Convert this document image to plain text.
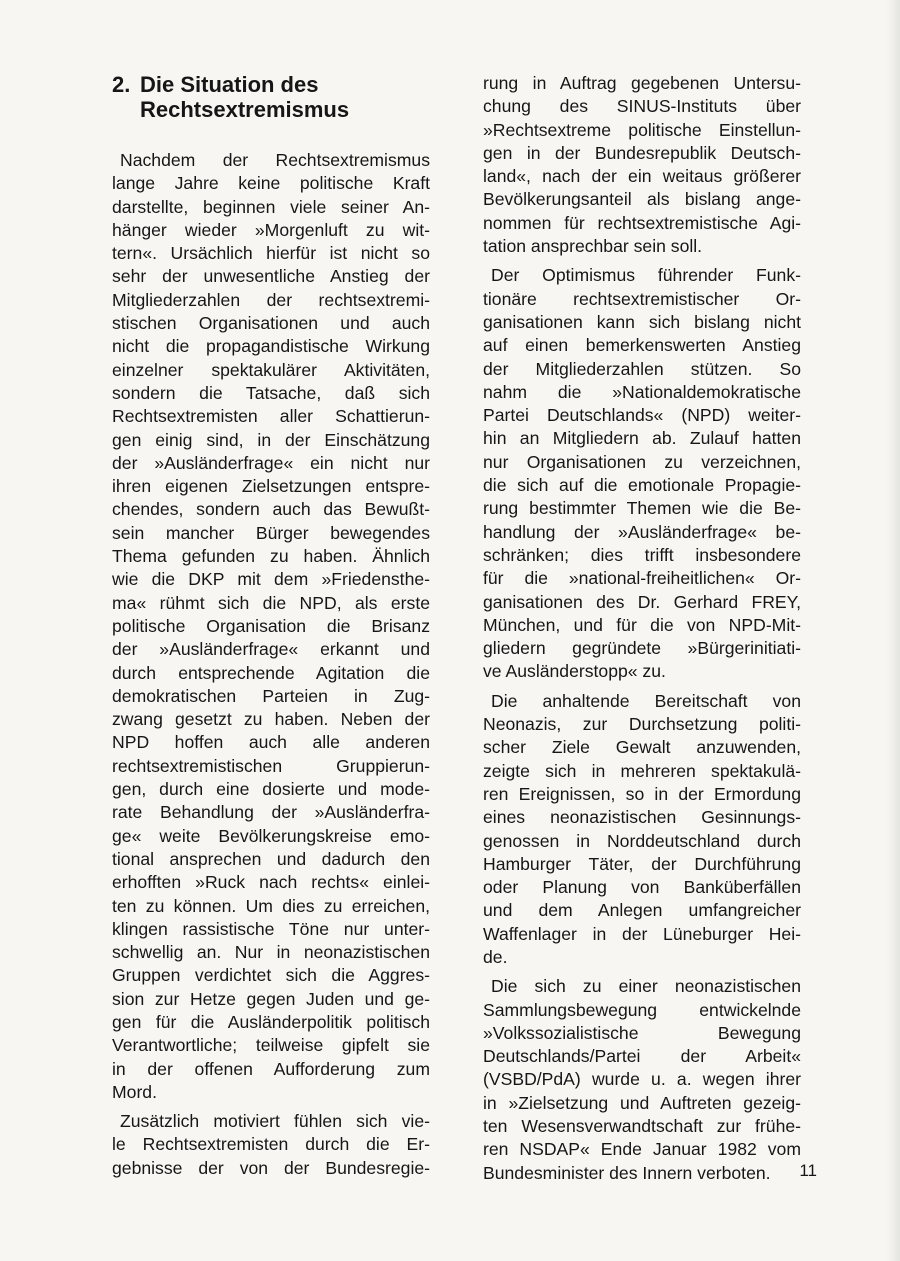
2. Die Situation des
Rechtsextremismus
Nachdem der Rechtsextremismus
lange Jahre keine politische Kraft
darstellte, beginnen viele seiner An-
hänger wieder »Morgenluft zu wit-
tern«. Ursächlich hierfür ist nicht so
sehr der unwesentliche Anstieg der
Mitgliederzahlen der rechtsextremi-
stischen Organisationen und auch
nicht die propagandistische Wirkung
einzelner spektakulärer Aktivitäten,
sondern die Tatsache, daß sich
Rechtsextremisten aller Schattierun-
gen einig sind, in der Einschätzung
der »Ausländerfrage« ein nicht nur
ihren eigenen Zielsetzungen entspre-
chendes, sondern auch das Bewußt-
sein mancher Bürger bewegendes
Thema gefunden zu haben. Ähnlich
wie die DKP mit dem »Friedensthe-
ma« rühmt sich die NPD, als erste
politische Organisation die Brisanz
der »Ausländerfrage« erkannt und
durch entsprechende Agitation die
demokratischen Parteien in Zug-
zwang gesetzt zu haben. Neben der
NPD hoffen auch alle anderen
rechtsextremistischen Gruppierun-
gen, durch eine dosierte und mode-
rate Behandlung der »Ausländerfra-
ge« weite Bevölkerungskreise emo-
tional ansprechen und dadurch den
erhofften »Ruck nach rechts« einlei-
ten zu können. Um dies zu erreichen,
klingen rassistische Töne nur unter-
schwellig an. Nur in neonazistischen
Gruppen verdichtet sich die Aggres-
sion zur Hetze gegen Juden und ge-
gen für die Ausländerpolitik politisch
Verantwortliche; teilweise gipfelt sie
in der offenen Aufforderung zum
Mord.
Zusätzlich motiviert fühlen sich vie-
le Rechtsextremisten durch die Er-
gebnisse der von der Bundesregie-
rung in Auftrag gegebenen Untersu-
chung des SINUS-Instituts über
»Rechtsextreme politische Einstellun-
gen in der Bundesrepublik Deutsch-
land«, nach der ein weitaus größerer
Bevölkerungsanteil als bislang ange-
nommen für rechtsextremistische Agi-
tation ansprechbar sein soll.
Der Optimismus führender Funk-
tionäre rechtsextremistischer Or-
ganisationen kann sich bislang nicht
auf einen bemerkenswerten Anstieg
der Mitgliederzahlen stützen. So
nahm die »Nationaldemokratische
Partei Deutschlands« (NPD) weiter-
hin an Mitgliedern ab. Zulauf hatten
nur Organisationen zu verzeichnen,
die sich auf die emotionale Propagie-
rung bestimmter Themen wie die Be-
handlung der »Ausländerfrage« be-
schränken; dies trifft insbesondere
für die »national-freiheitlichen« Or-
ganisationen des Dr. Gerhard FREY,
München, und für die von NPD-Mit-
gliedern gegründete »Bürgerinitiati-
ve Ausländerstopp« zu.
Die anhaltende Bereitschaft von
Neonazis, zur Durchsetzung politi-
scher Ziele Gewalt anzuwenden,
zeigte sich in mehreren spektakulä-
ren Ereignissen, so in der Ermordung
eines neonazistischen Gesinnungs-
genossen in Norddeutschland durch
Hamburger Täter, der Durchführung
oder Planung von Banküberfällen
und dem Anlegen umfangreicher
Waffenlager in der Lüneburger Hei-
de.
Die sich zu einer neonazistischen
Sammlungsbewegung entwickelnde
»Volkssozialistische Bewegung
Deutschlands/Partei der Arbeit«
(VSBD/PdA) wurde u. a. wegen ihrer
in »Zielsetzung und Auftreten gezeig-
ten Wesensverwandtschaft zur frühe-
ren NSDAP« Ende Januar 1982 vom
Bundesminister des Innern verboten.	11
